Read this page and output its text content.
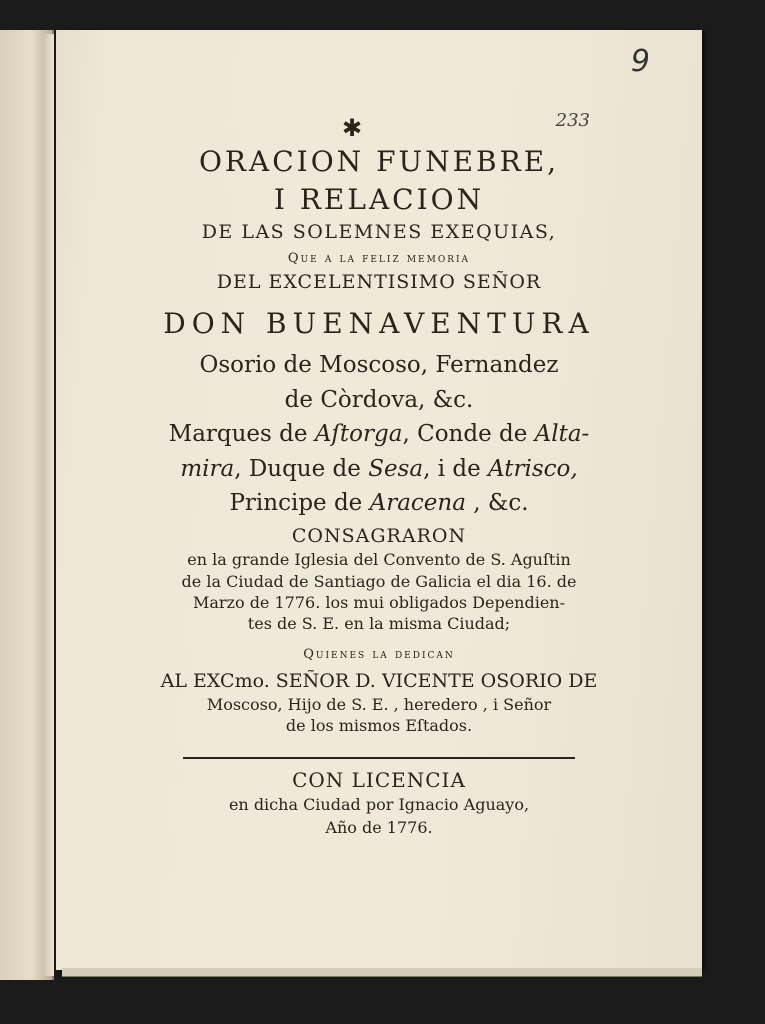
9
233
✱
ORACION FUNEBRE,
I RELACION
DE LAS SOLEMNES EXEQUIAS,
Que a la feliz memoria
DEL EXCELENTISIMO SEÑOR
DON BUENAVENTURA
Osorio de Moscoso, Fernandez
de Còrdova, &c.
Marques de Aſtorga, Conde de Alta-
mira, Duque de Sesa, i de Atrisco,
Principe de Aracena , &c.
CONSAGRARON
en la grande Iglesia del Convento de S. Aguſtin
de la Ciudad de Santiago de Galicia el dia 16. de
Marzo de 1776. los mui obligados Dependien-
tes de S. E. en la misma Ciudad;
Quienes la dedican
AL EXCmo. SEÑOR D. VICENTE OSORIO DE
Moscoso, Hijo de S. E. , heredero , i Señor
de los mismos Eſtados.
CON LICENCIA
en dicha Ciudad por Ignacio Aguayo,
Año de 1776.
